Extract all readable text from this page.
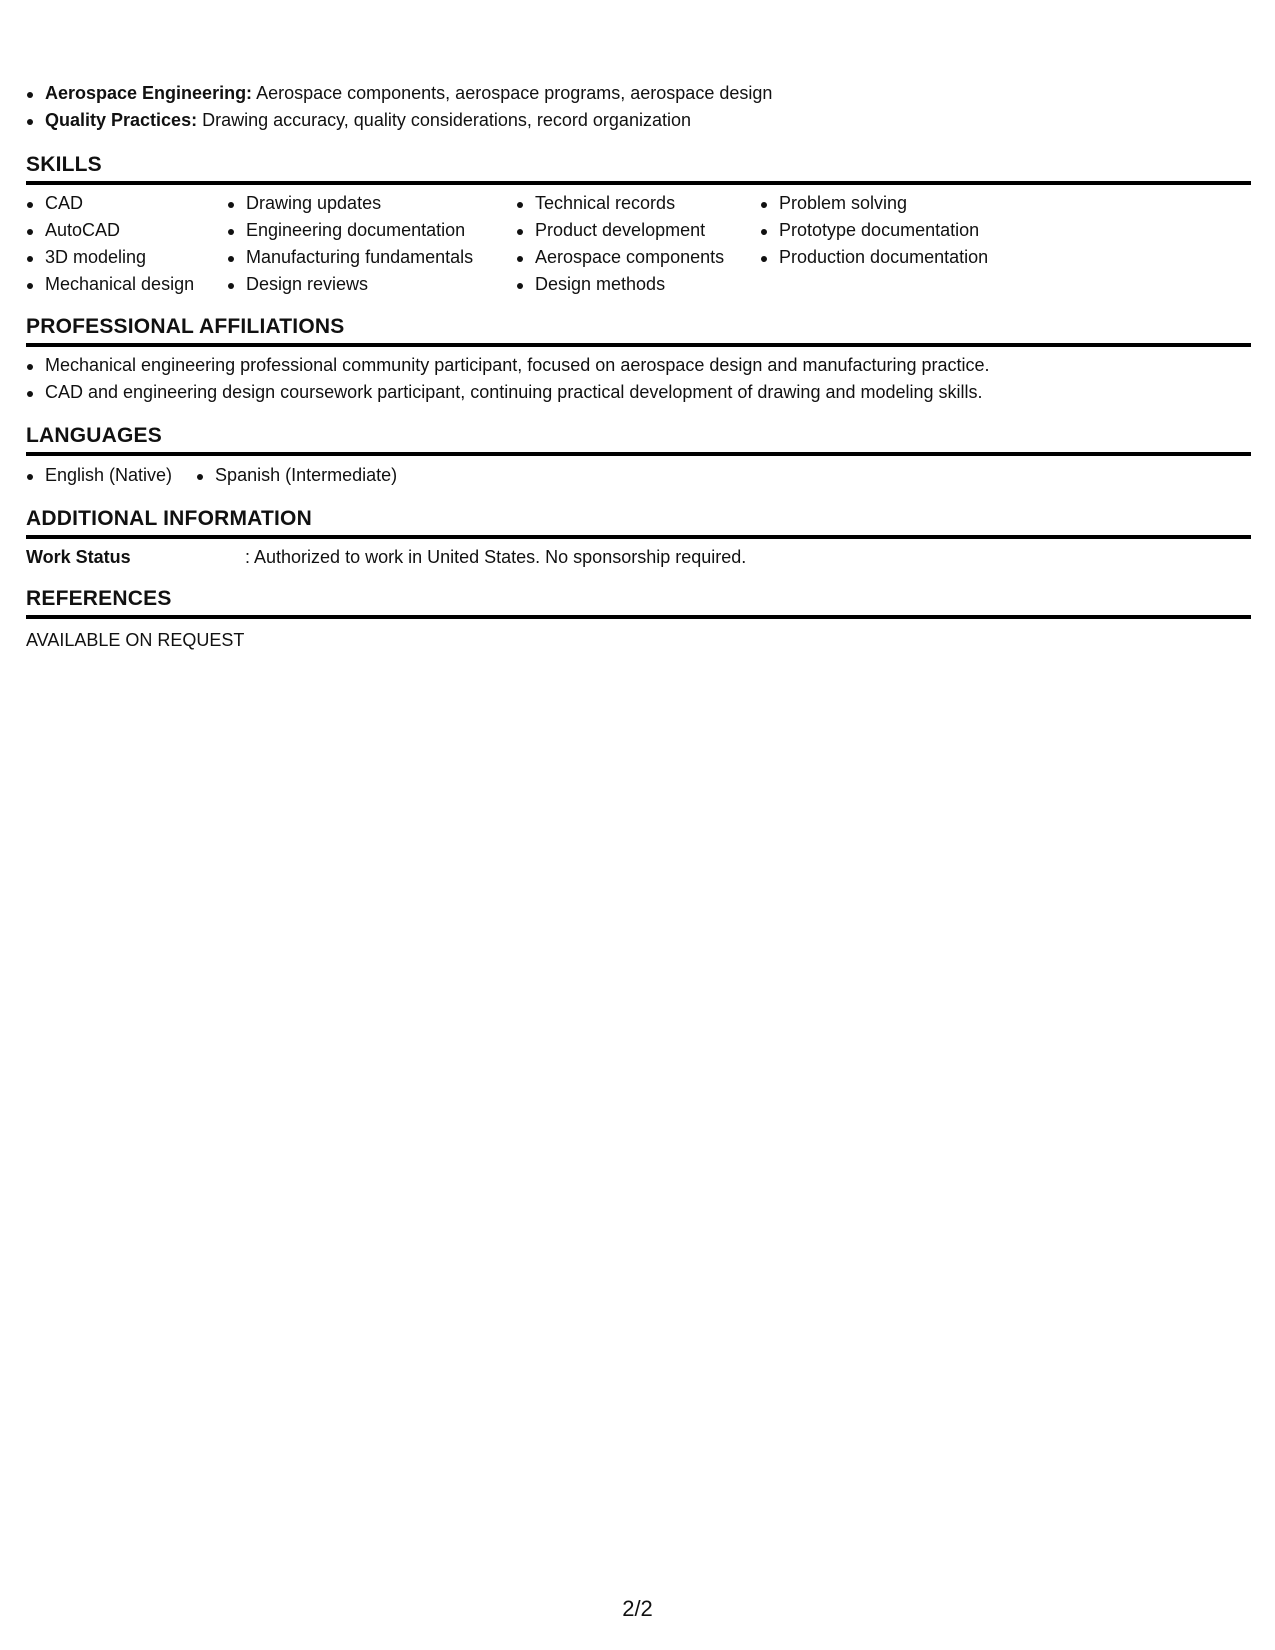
Aerospace Engineering: Aerospace components, aerospace programs, aerospace design
Quality Practices: Drawing accuracy, quality considerations, record organization
SKILLS
CAD
AutoCAD
3D modeling
Mechanical design
Drawing updates
Engineering documentation
Manufacturing fundamentals
Design reviews
Technical records
Product development
Aerospace components
Design methods
Problem solving
Prototype documentation
Production documentation
PROFESSIONAL AFFILIATIONS
Mechanical engineering professional community participant, focused on aerospace design and manufacturing practice.
CAD and engineering design coursework participant, continuing practical development of drawing and modeling skills.
LANGUAGES
English (Native)	Spanish (Intermediate)
ADDITIONAL INFORMATION
Work Status	: Authorized to work in United States. No sponsorship required.
REFERENCES
AVAILABLE ON REQUEST
2/2
